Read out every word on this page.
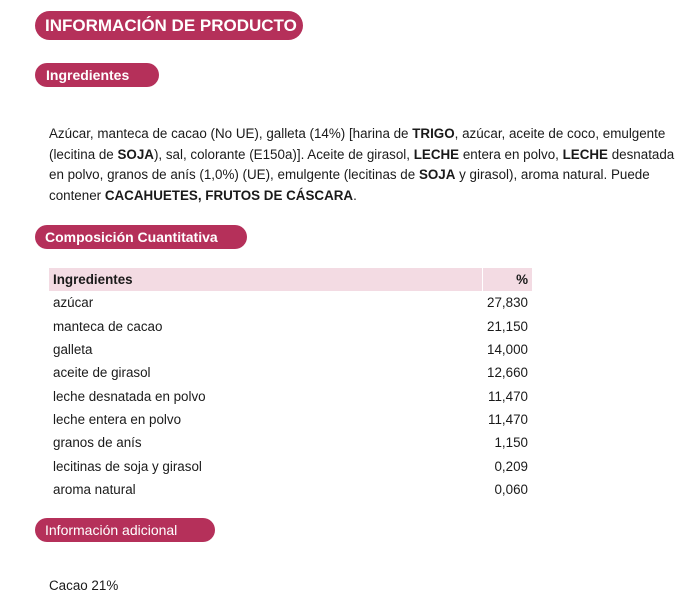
INFORMACIÓN DE PRODUCTO
Ingredientes
Azúcar, manteca de cacao (No UE), galleta (14%) [harina de TRIGO, azúcar, aceite de coco, emulgente (lecitina de SOJA), sal, colorante (E150a)]. Aceite de girasol, LECHE entera en polvo, LECHE desnatada en polvo, granos de anís (1,0%) (UE), emulgente (lecitinas de SOJA y girasol), aroma natural. Puede contener CACAHUETES, FRUTOS DE CÁSCARA.
Composición Cuantitativa
Ingredientes	%
azúcar	27,830
manteca de cacao	21,150
galleta	14,000
aceite de girasol	12,660
leche desnatada en polvo	11,470
leche entera en polvo	11,470
granos de anís	1,150
lecitinas de soja y girasol	0,209
aroma natural	0,060
Información adicional
Cacao 21%
